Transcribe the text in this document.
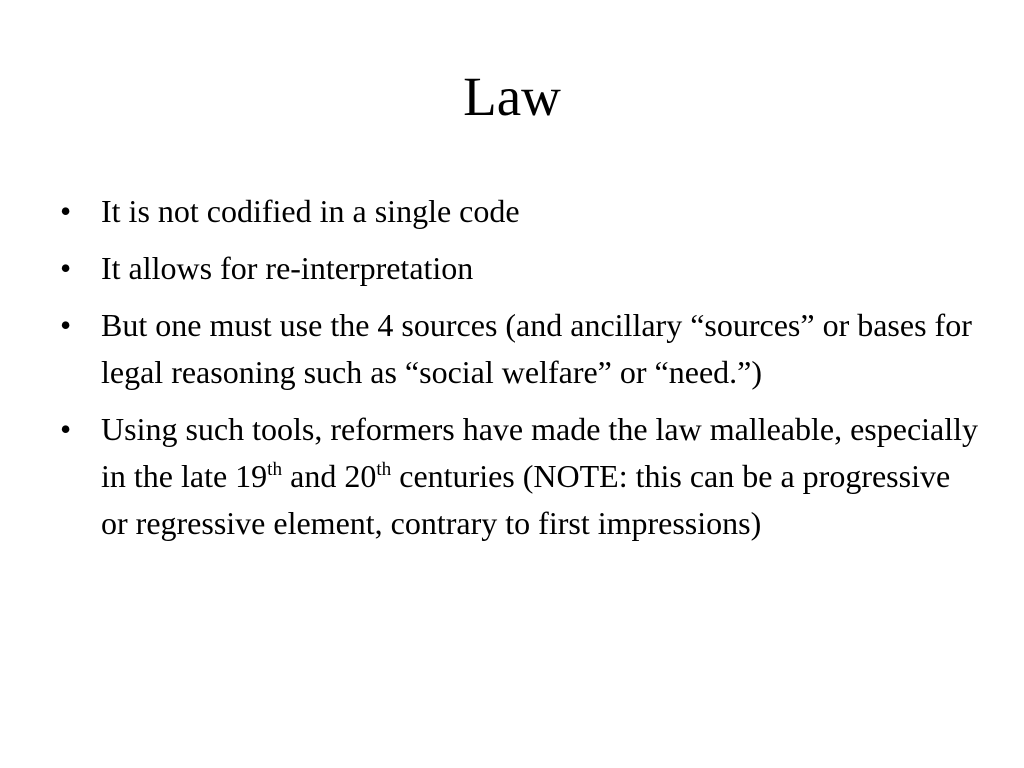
Law
• It is not codified in a single code
• It allows for re-interpretation
• But one must use the 4 sources (and ancillary “sources” or bases for legal reasoning such as “social welfare” or “need.”)
• Using such tools, reformers have made the law malleable, especially in the late 19th and 20th centuries (NOTE: this can be a progressive or regressive element, contrary to first impressions)
